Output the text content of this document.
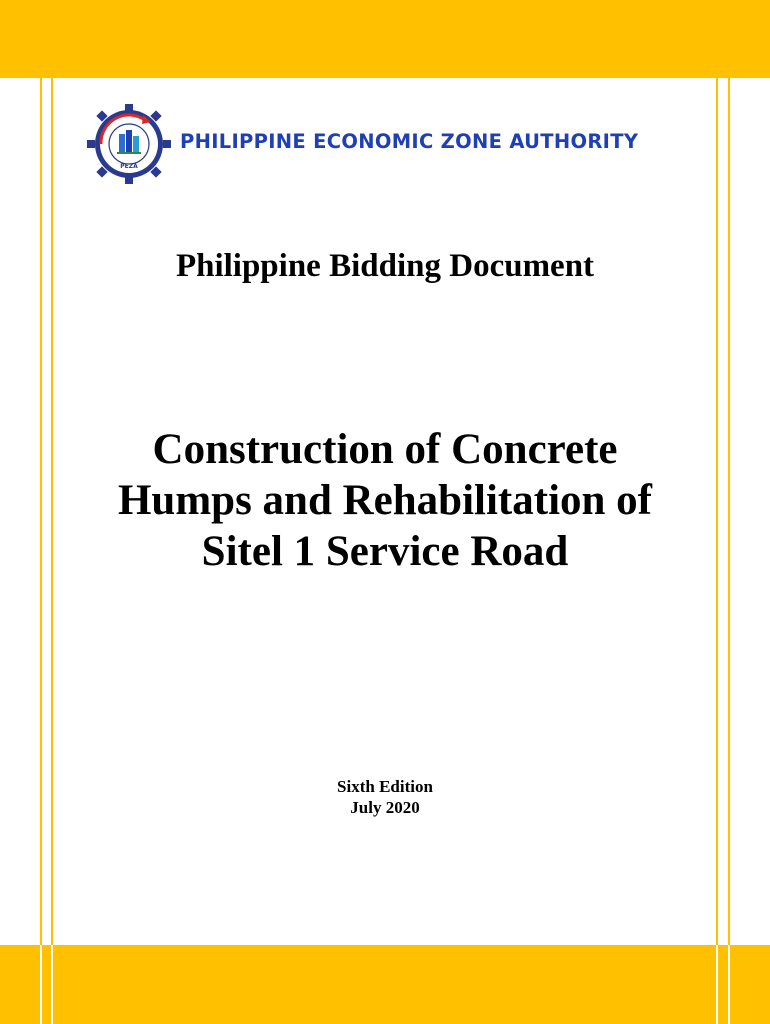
PEZA
PHILIPPINE ECONOMIC ZONE AUTHORITY
Philippine Bidding Document
Construction of Concrete
Humps and Rehabilitation of
Sitel 1 Service Road
Sixth Edition
July 2020
